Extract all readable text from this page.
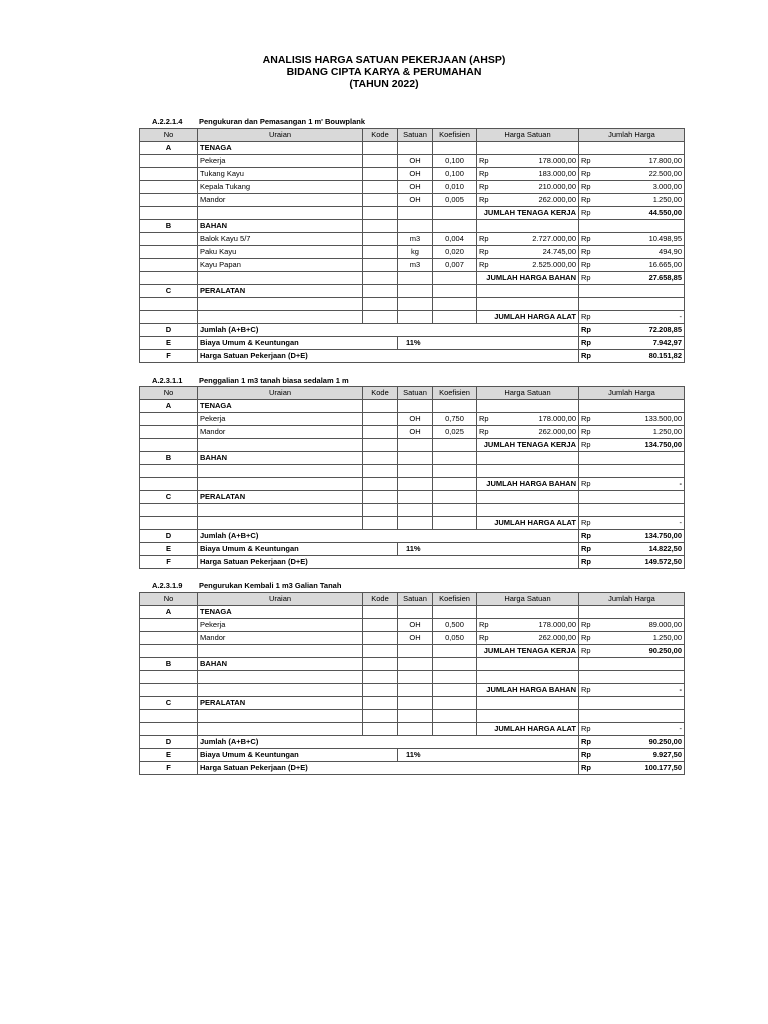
ANALISIS HARGA SATUAN PEKERJAAN (AHSP)
BIDANG CIPTA KARYA & PERUMAHAN
(TAHUN 2022)
A.2.2.1.4 Pengukuran dan Pemasangan 1 m' Bouwplank
No	Uraian	Kode	Satuan	Koefisien	Harga Satuan	Jumlah Harga
A	TENAGA					
	Pekerja		OH	0,100	Rp 178.000,00	Rp 17.800,00

	Tukang Kayu		OH	0,100	Rp 183.000,00	Rp 22.500,00

	Kepala Tukang		OH	0,010	Rp 210.000,00	Rp 3.000,00

	Mandor		OH	0,005	Rp 262.000,00	Rp 1.250,00

					JUMLAH TENAGA KERJA	Rp 44.550,00

B	BAHAN					
	Balok Kayu 5/7		m3	0,004	Rp 2.727.000,00	Rp 10.498,95

	Paku Kayu		kg	0,020	Rp 24.745,00	Rp 494,90

	Kayu Papan		m3	0,007	Rp 2.525.000,00	Rp 16.665,00

					JUMLAH HARGA BAHAN	Rp 27.658,85

C	PERALATAN					

					JUMLAH HARGA ALAT	Rp -

D	Jumlah (A+B+C)					Rp 72.208,85

E	Biaya Umum & Keuntungan		11%			Rp 7.942,97

F	Harga Satuan Pekerjaan (D+E)					Rp 80.151,82
A.2.3.1.1 Penggalian 1 m3 tanah biasa sedalam 1 m
No	Uraian	Kode	Satuan	Koefisien	Harga Satuan	Jumlah Harga
A	TENAGA					
	Pekerja		OH	0,750	Rp 178.000,00	Rp 133.500,00

	Mandor		OH	0,025	Rp 262.000,00	Rp 1.250,00

					JUMLAH TENAGA KERJA	Rp 134.750,00

B	BAHAN					

					JUMLAH HARGA BAHAN	Rp -

C	PERALATAN					

					JUMLAH HARGA ALAT	Rp -

D	Jumlah (A+B+C)					Rp 134.750,00

E	Biaya Umum & Keuntungan		11%			Rp 14.822,50

F	Harga Satuan Pekerjaan (D+E)					Rp 149.572,50
A.2.3.1.9 Pengurukan Kembali 1 m3 Galian Tanah
No	Uraian	Kode	Satuan	Koefisien	Harga Satuan	Jumlah Harga
A	TENAGA					
	Pekerja		OH	0,500	Rp 178.000,00	Rp 89.000,00

	Mandor		OH	0,050	Rp 262.000,00	Rp 1.250,00

					JUMLAH TENAGA KERJA	Rp 90.250,00

B	BAHAN					

					JUMLAH HARGA BAHAN	Rp -

C	PERALATAN					

					JUMLAH HARGA ALAT	Rp -

D	Jumlah (A+B+C)					Rp 90.250,00

E	Biaya Umum & Keuntungan		11%			Rp 9.927,50

F	Harga Satuan Pekerjaan (D+E)					Rp 100.177,50
